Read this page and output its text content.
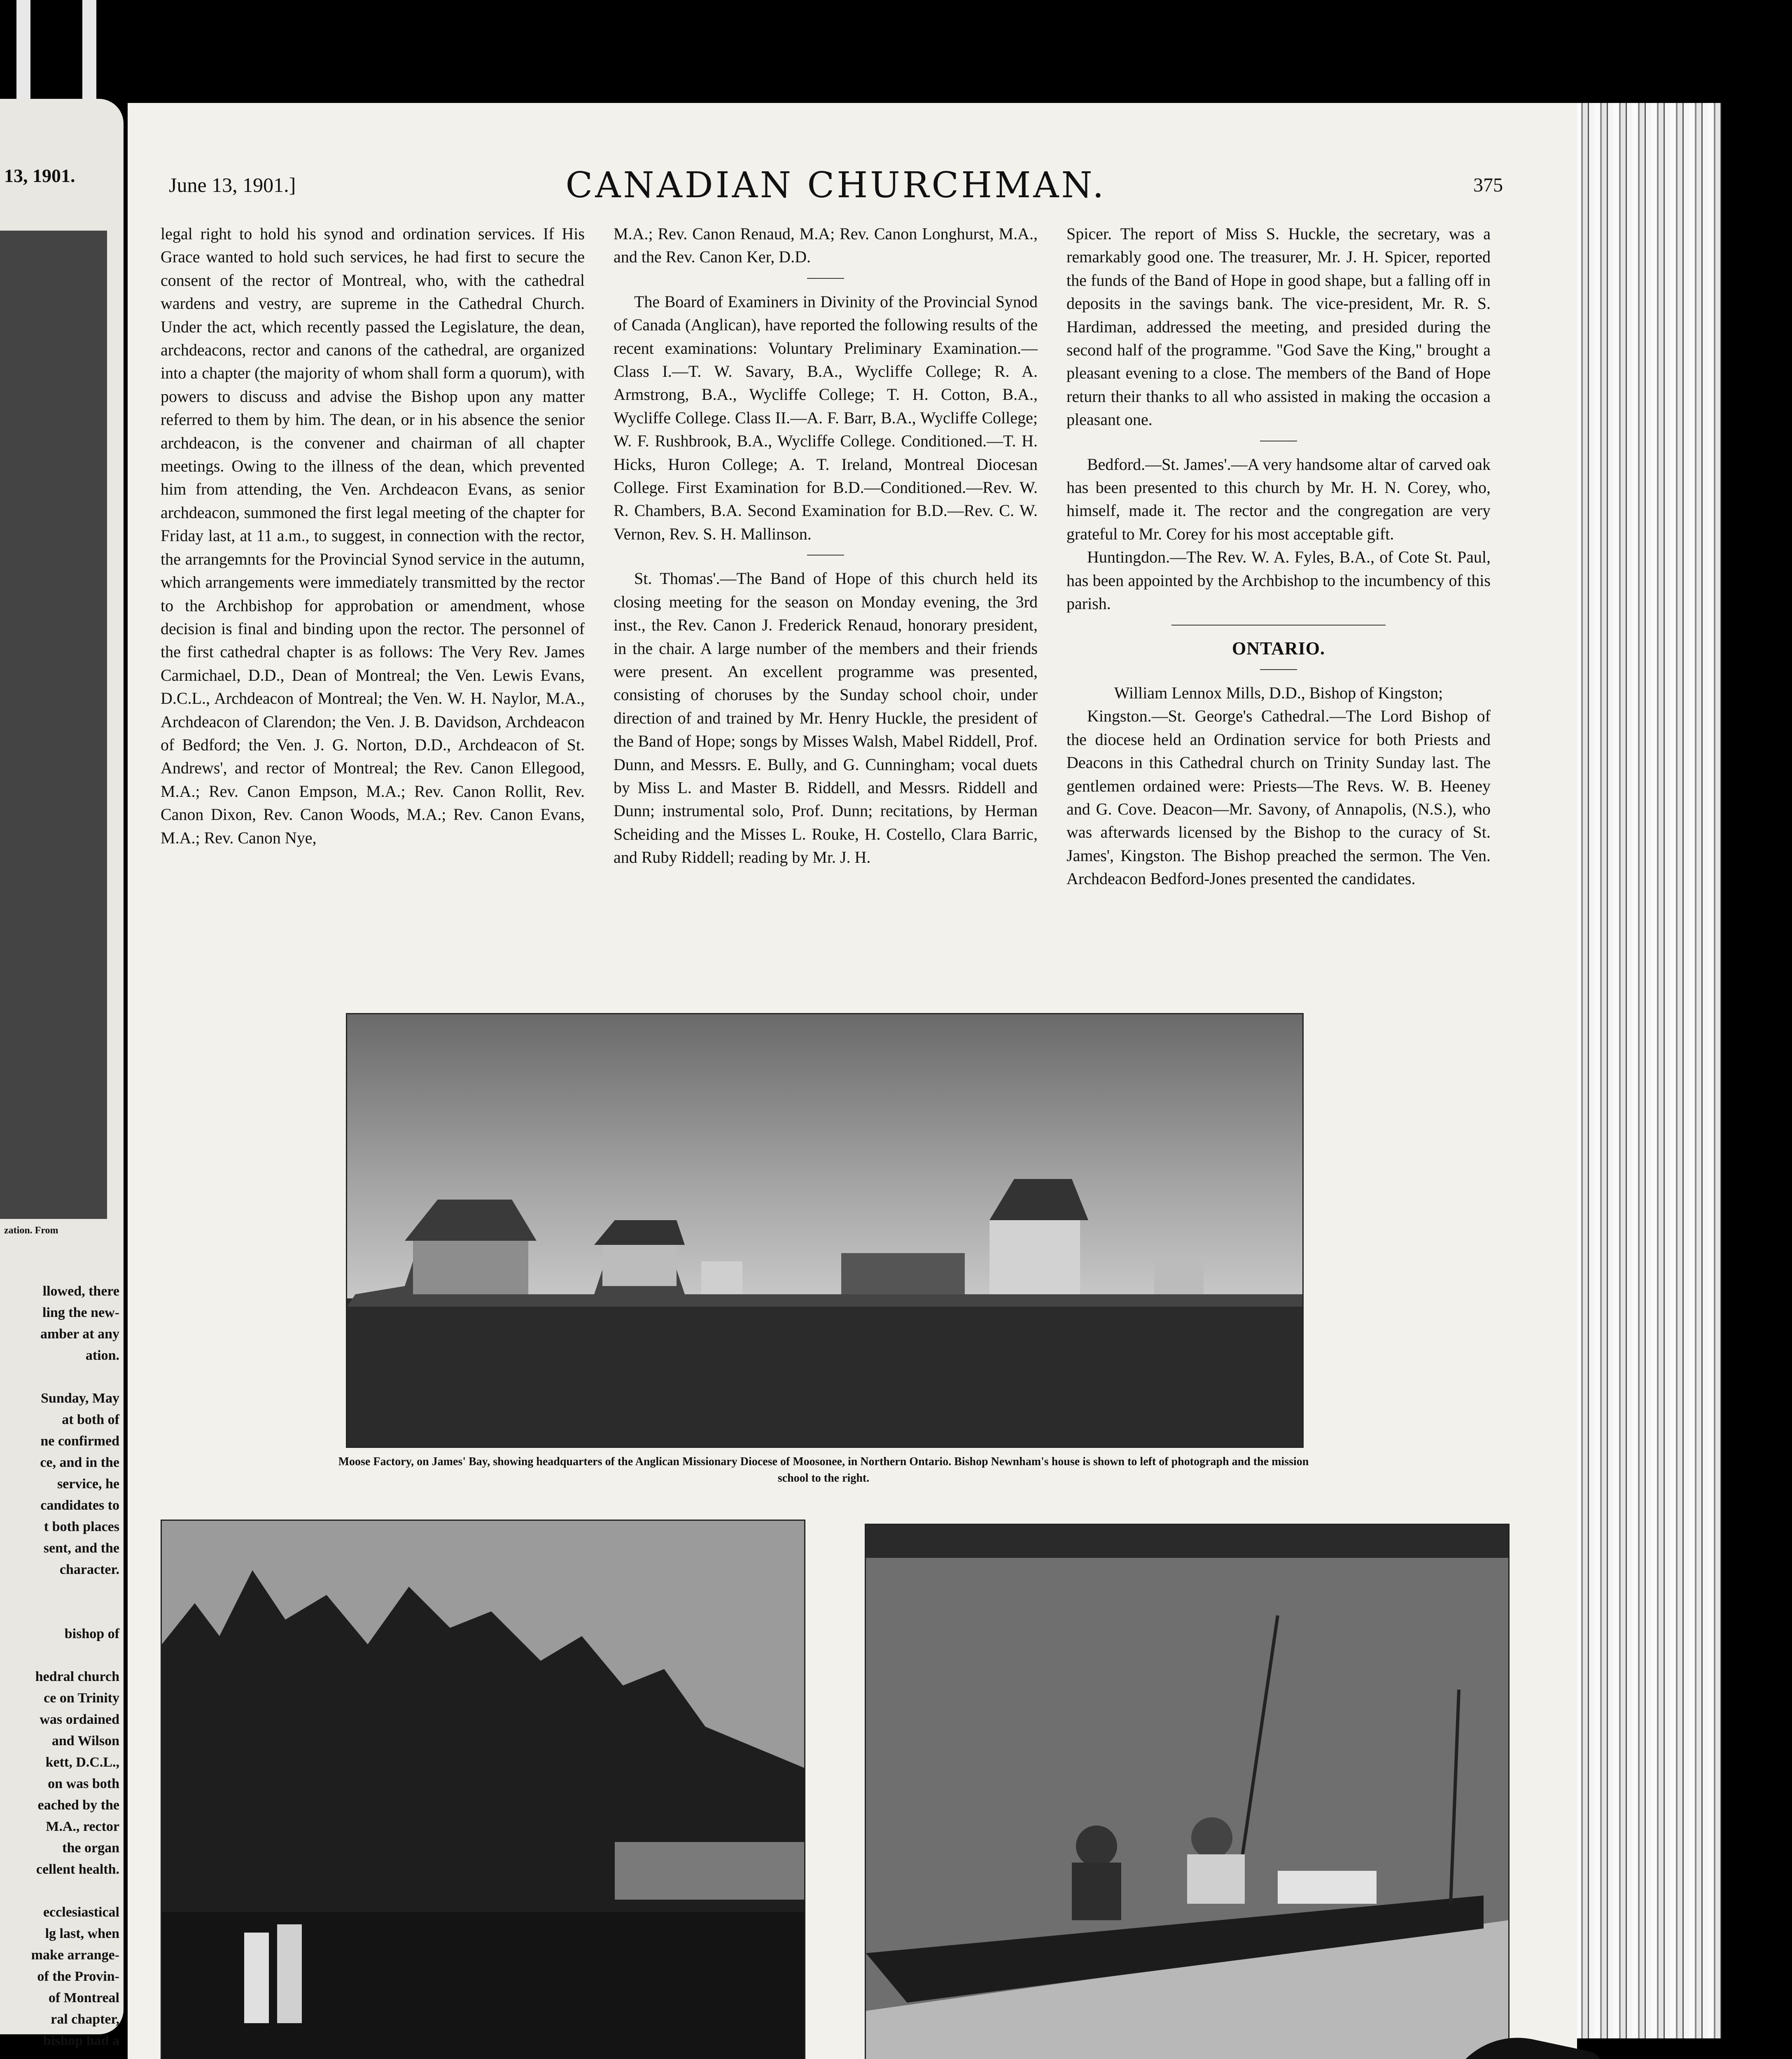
13, 1901.
zation. From
llowed, there
ling the new-
amber at any
ation.

Sunday, May
at both of
ne confirmed
ce, and in the
service, he
candidates to
t both places
sent, and the
character.

bishop of

hedral church
ce on Trinity
was ordained
and Wilson
kett, D.C.L.,
on was both
eached by the
M.A., rector
the organ
cellent health.

ecclesiastical
lg last, when
make arrange-
of the Provin-
of Montreal
ral chapter,
bishop had a
June 13, 1901.]	CANADIAN CHURCHMAN.	375

legal right to hold his synod and ordination services. If His Grace wanted to hold such services, he had first to secure the consent of the rector of Montreal, who, with the cathedral wardens and vestry, are supreme in the Cathedral Church. Under the act, which recently passed the Legislature, the dean, archdeacons, rector and canons of the cathedral, are organized into a chapter (the majority of whom shall form a quorum), with powers to discuss and advise the Bishop upon any matter referred to them by him. The dean, or in his absence the senior archdeacon, is the convener and chairman of all chapter meetings. Owing to the illness of the dean, which prevented him from attending, the Ven. Archdeacon Evans, as senior archdeacon, summoned the first legal meeting of the chapter for Friday last, at 11 a.m., to suggest, in connection with the rector, the arrangemnts for the Provincial Synod service in the autumn, which arrangements were immediately transmitted by the rector to the Archbishop for approbation or amendment, whose decision is final and binding upon the rector. The personnel of the first cathedral chapter is as follows: The Very Rev. James Carmichael, D.D., Dean of Montreal; the Ven. Lewis Evans, D.C.L., Archdeacon of Montreal; the Ven. W. H. Naylor, M.A., Archdeacon of Clarendon; the Ven. J. B. Davidson, Archdeacon of Bedford; the Ven. J. G. Norton, D.D., Archdeacon of St. Andrews', and rector of Montreal; the Rev. Canon Ellegood, M.A.; Rev. Canon Empson, M.A.; Rev. Canon Rollit, Rev. Canon Dixon, Rev. Canon Woods, M.A.; Rev. Canon Evans, M.A.; Rev. Canon Nye,

M.A.; Rev. Canon Renaud, M.A; Rev. Canon Longhurst, M.A., and the Rev. Canon Ker, D.D.

The Board of Examiners in Divinity of the Provincial Synod of Canada (Anglican), have reported the following results of the recent examinations: Voluntary Preliminary Examination.—Class I.—T. W. Savary, B.A., Wycliffe College; R. A. Armstrong, B.A., Wycliffe College; T. H. Cotton, B.A., Wycliffe College. Class II.—A. F. Barr, B.A., Wycliffe College; W. F. Rushbrook, B.A., Wycliffe College. Conditioned.—T. H. Hicks, Huron College; A. T. Ireland, Montreal Diocesan College. First Examination for B.D.—Conditioned.—Rev. W. R. Chambers, B.A. Second Examination for B.D.—Rev. C. W. Vernon, Rev. S. H. Mallinson.

St. Thomas'.—The Band of Hope of this church held its closing meeting for the season on Monday evening, the 3rd inst., the Rev. Canon J. Frederick Renaud, honorary president, in the chair. A large number of the members and their friends were present. An excellent programme was presented, consisting of choruses by the Sunday school choir, under direction of and trained by Mr. Henry Huckle, the president of the Band of Hope; songs by Misses Walsh, Mabel Riddell, Prof. Dunn, and Messrs. E. Bully, and G. Cunningham; vocal duets by Miss L. and Master B. Riddell, and Messrs. Riddell and Dunn; instrumental solo, Prof. Dunn; recitations, by Herman Scheiding and the Misses L. Rouke, H. Costello, Clara Barric, and Ruby Riddell; reading by Mr. J. H.

Spicer. The report of Miss S. Huckle, the secretary, was a remarkably good one. The treasurer, Mr. J. H. Spicer, reported the funds of the Band of Hope in good shape, but a falling off in deposits in the savings bank. The vice-president, Mr. R. S. Hardiman, addressed the meeting, and presided during the second half of the programme. "God Save the King," brought a pleasant evening to a close. The members of the Band of Hope return their thanks to all who assisted in making the occasion a pleasant one.

Bedford.—St. James'.—A very handsome altar of carved oak has been presented to this church by Mr. H. N. Corey, who, himself, made it. The rector and the congregation are very grateful to Mr. Corey for his most acceptable gift.

Huntingdon.—The Rev. W. A. Fyles, B.A., of Cote St. Paul, has been appointed by the Archbishop to the incumbency of this parish.

ONTARIO.

William Lennox Mills, D.D., Bishop of Kingston;

Kingston.—St. George's Cathedral.—The Lord Bishop of the diocese held an Ordination service for both Priests and Deacons in this Cathedral church on Trinity Sunday last. The gentlemen ordained were: Priests—The Revs. W. B. Heeney and G. Cove. Deacon—Mr. Savony, of Annapolis, (N.S.), who was afterwards licensed by the Bishop to the curacy of St. James', Kingston. The Bishop preached the sermon. The Ven. Archdeacon Bedford-Jones presented the candidates.

Moose Factory, on James' Bay, showing headquarters of the Anglican Missionary Diocese of Moosonee, in Northern Ontario. Bishop Newnham's house is shown to left of photograph and the mission school to the right.
